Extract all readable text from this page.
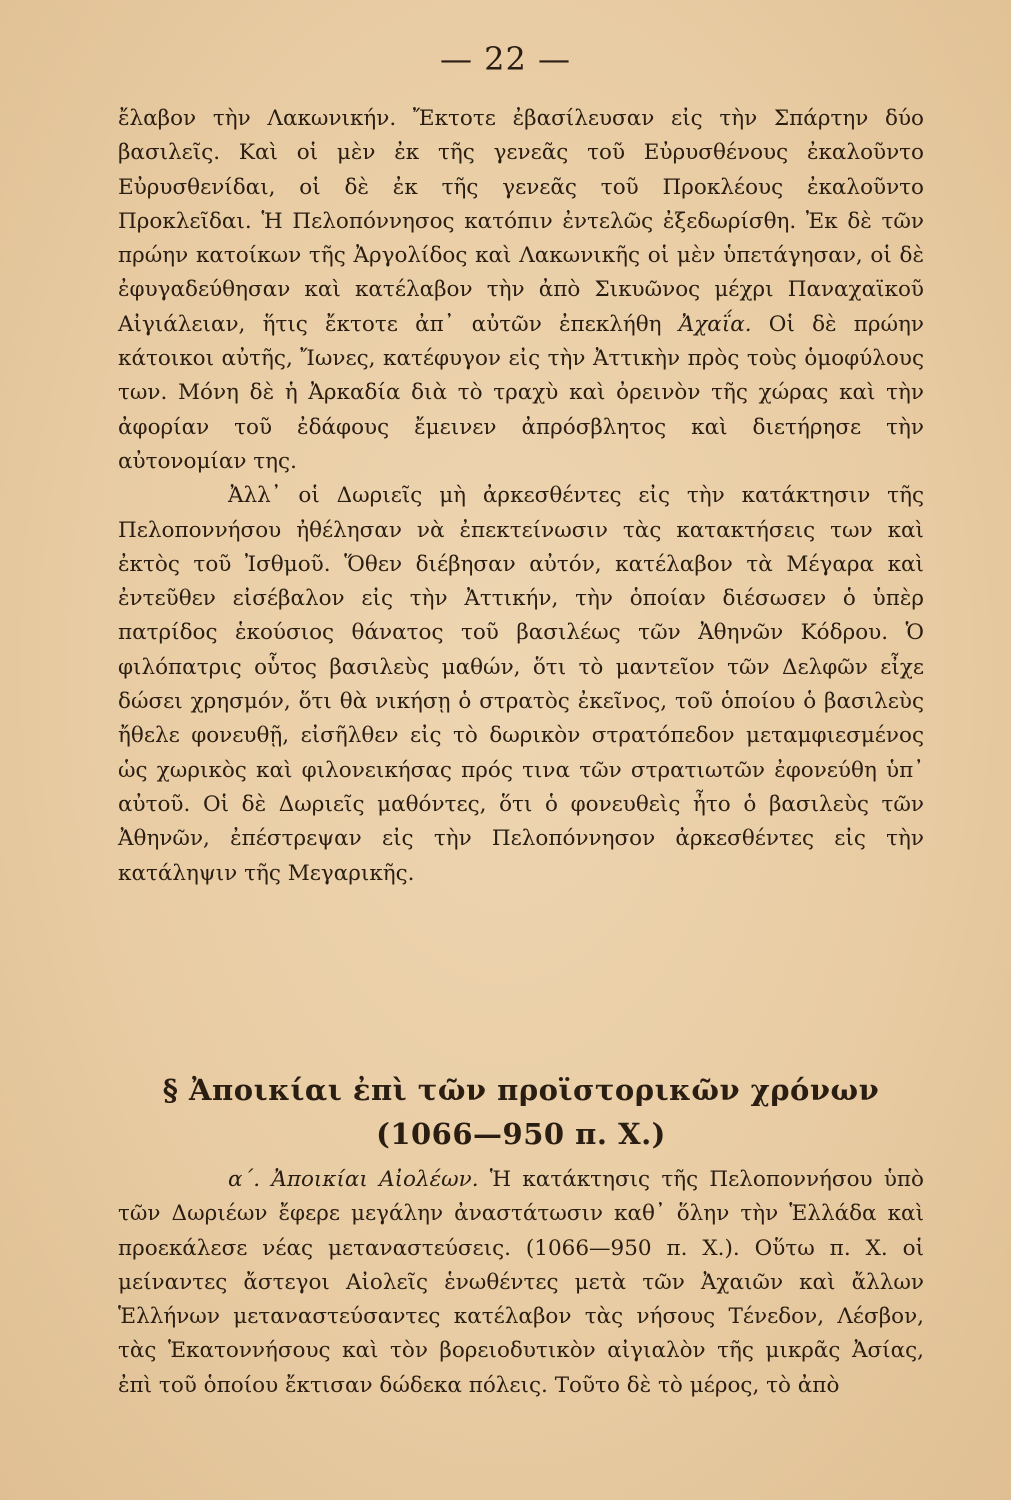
— 22 —

ἔλαβον τὴν Λακωνικήν. Ἔκτοτε ἐβασίλευσαν εἰς τὴν Σπάρτην δύο βασιλεῖς. Καὶ οἱ μὲν ἐκ τῆς γενεᾶς τοῦ Εὐρυσθένους ἐκαλοῦντο Εὐρυσθενίδαι, οἱ δὲ ἐκ τῆς γενεᾶς τοῦ Προκλέους ἐκαλοῦντο Προκλεῖδαι. Ἡ Πελοπόννησος κατόπιν ἐντελῶς ἐξεδωρίσθη. Ἐκ δὲ τῶν πρώην κατοίκων τῆς Ἀργολίδος καὶ Λακωνικῆς οἱ μὲν ὑπετάγησαν, οἱ δὲ ἐφυγαδεύθησαν καὶ κατέλαβον τὴν ἀπὸ Σικυῶνος μέχρι Παναχαϊκοῦ Αἰγιάλειαν, ἥτις ἔκτοτε ἀπ᾽ αὐτῶν ἐπεκλήθη Ἀχαΐα. Οἱ δὲ πρώην κάτοικοι αὐτῆς, Ἴωνες, κατέφυγον εἰς τὴν Ἀττικὴν πρὸς τοὺς ὁμοφύλους των. Μόνη δὲ ἡ Ἀρκαδία διὰ τὸ τραχὺ καὶ ὀρεινὸν τῆς χώρας καὶ τὴν ἀφορίαν τοῦ ἐδάφους ἔμεινεν ἀπρόσβλητος καὶ διετήρησε τὴν αὐτονομίαν της.

Ἀλλ᾽ οἱ Δωριεῖς μὴ ἀρκεσθέντες εἰς τὴν κατάκτησιν τῆς Πελοποννήσου ἠθέλησαν νὰ ἐπεκτείνωσιν τὰς κατακτήσεις των καὶ ἐκτὸς τοῦ Ἰσθμοῦ. Ὅθεν διέβησαν αὐτόν, κατέλαβον τὰ Μέγαρα καὶ ἐντεῦθεν εἰσέβαλον εἰς τὴν Ἀττικήν, τὴν ὁποίαν διέσωσεν ὁ ὑπὲρ πατρίδος ἑκούσιος θάνατος τοῦ βασιλέως τῶν Ἀθηνῶν Κόδρου. Ὁ φιλόπατρις οὗτος βασιλεὺς μαθών, ὅτι τὸ μαντεῖον τῶν Δελφῶν εἶχε δώσει χρησμόν, ὅτι θὰ νικήσῃ ὁ στρατὸς ἐκεῖνος, τοῦ ὁποίου ὁ βασιλεὺς ἤθελε φονευθῇ, εἰσῆλθεν εἰς τὸ δωρικὸν στρατόπεδον μεταμφιεσμένος ὡς χωρικὸς καὶ φιλονεικήσας πρός τινα τῶν στρατιωτῶν ἐφονεύθη ὑπ᾽ αὐτοῦ. Οἱ δὲ Δωριεῖς μαθόντες, ὅτι ὁ φονευθεὶς ἦτο ὁ βασιλεὺς τῶν Ἀθηνῶν, ἐπέστρεψαν εἰς τὴν Πελοπόννησον ἀρκεσθέντες εἰς τὴν κατάληψιν τῆς Μεγαρικῆς.

§ Ἀποικίαι ἐπὶ τῶν προϊστορικῶν χρόνων
(1066—950 π. Χ.)

α΄. Ἀποικίαι Αἰολέων. Ἡ κατάκτησις τῆς Πελοποννήσου ὑπὸ τῶν Δωριέων ἔφερε μεγάλην ἀναστάτωσιν καθ᾽ ὅλην τὴν Ἑλλάδα καὶ προεκάλεσε νέας μεταναστεύσεις. (1066—950 π. Χ.). Οὕτω π. Χ. οἱ μείναντες ἄστεγοι Αἰολεῖς ἑνωθέντες μετὰ τῶν Ἀχαιῶν καὶ ἄλλων Ἑλλήνων μεταναστεύσαντες κατέλαβον τὰς νήσους Τένεδον, Λέσβον, τὰς Ἑκατοννήσους καὶ τὸν βορειοδυτικὸν αἰγιαλὸν τῆς μικρᾶς Ἀσίας, ἐπὶ τοῦ ὁποίου ἔκτισαν δώδεκα πόλεις. Τοῦτο δὲ τὸ μέρος, τὸ ἀπὸ
